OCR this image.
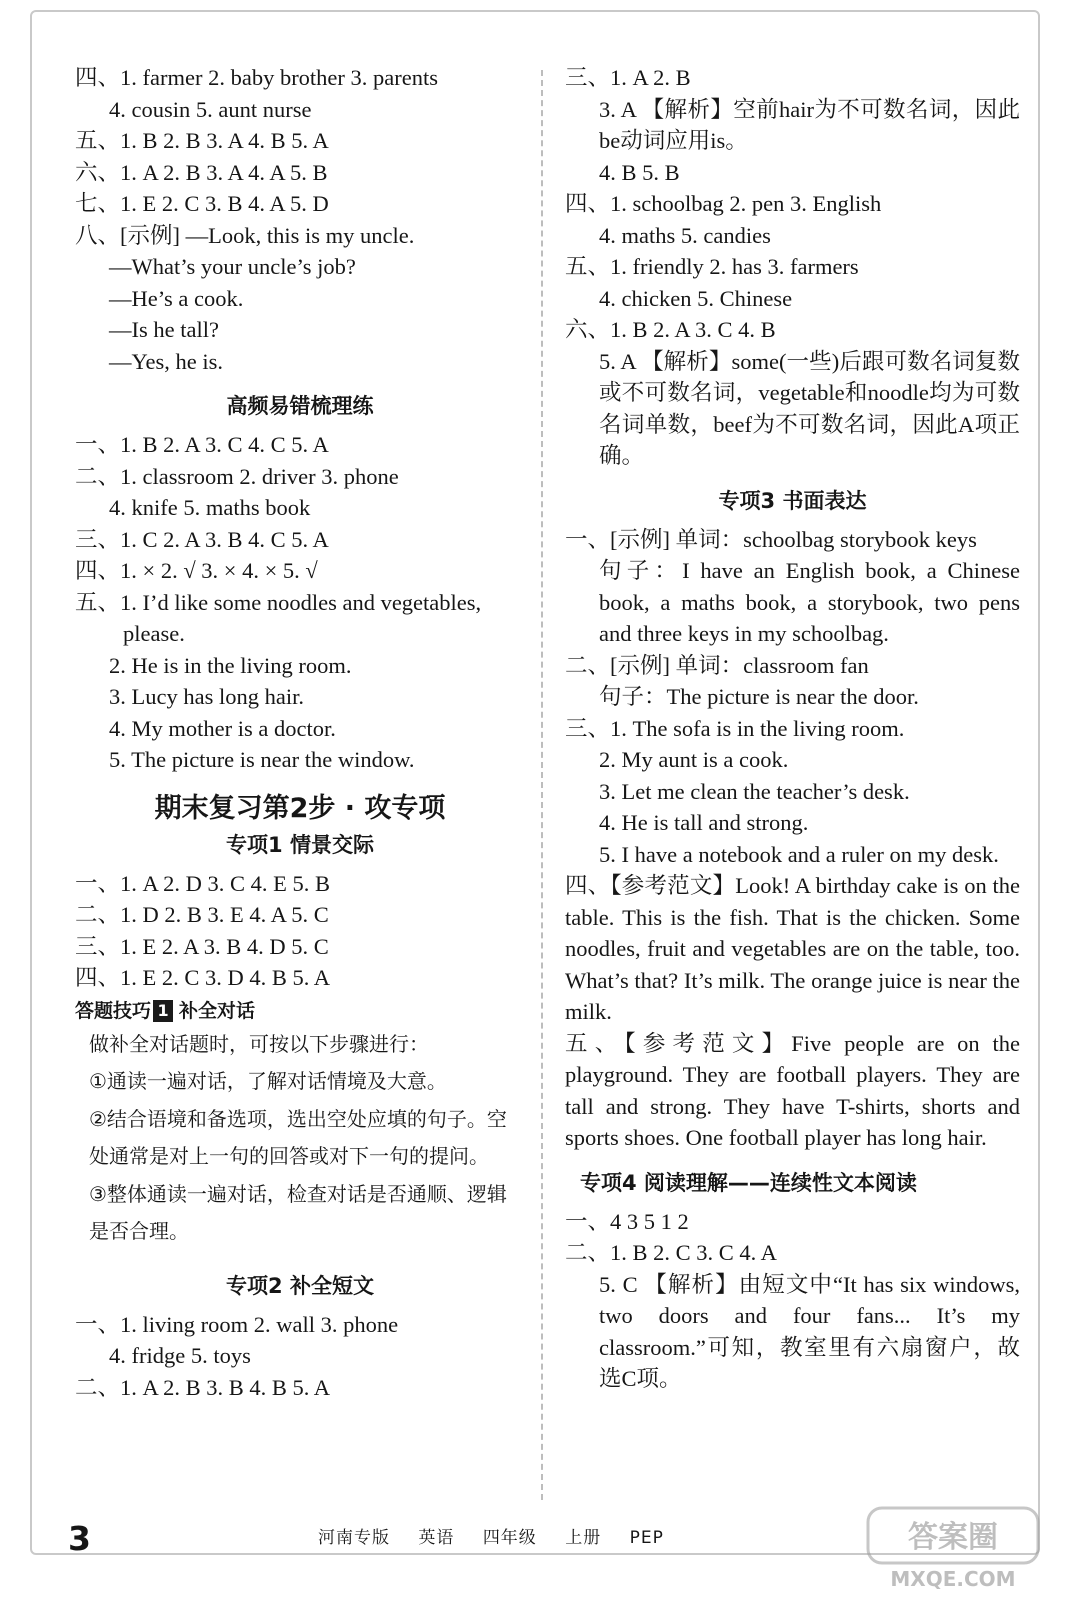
四、1. farmer 2. baby brother 3. parents
4. cousin 5. aunt nurse
五、1. B 2. B 3. A 4. B 5. A
六、1. A 2. B 3. A 4. A 5. B
七、1. E 2. C 3. B 4. A 5. D
八、[示例] —Look, this is my uncle.
—What’s your uncle’s job?
—He’s a cook.
—Is he tall?
—Yes, he is.
高频易错梳理练
一、1. B 2. A 3. C 4. C 5. A
二、1. classroom 2. driver 3. phone
4. knife 5. maths book
三、1. C 2. A 3. B 4. C 5. A
四、1. × 2. √ 3. × 4. × 5. √
五、1. I’d like some noodles and vegetables,
please.
2. He is in the living room.
3. Lucy has long hair.
4. My mother is a doctor.
5. The picture is near the window.
期末复习第2步 · 攻专项
专项1 情景交际
一、1. A 2. D 3. C 4. E 5. B
二、1. D 2. B 3. E 4. A 5. C
三、1. E 2. A 3. B 4. D 5. C
四、1. E 2. C 3. D 4. B 5. A
答题技巧 1 补全对话
做补全对话题时，可按以下步骤进行：
①通读一遍对话，了解对话情境及大意。
②结合语境和备选项，选出空处应填的句子。空处通常是对上一句的回答或对下一句的提问。
③整体通读一遍对话，检查对话是否通顺、逻辑是否合理。
专项2 补全短文
一、1. living room 2. wall 3. phone
4. fridge 5. toys
二、1. A 2. B 3. B 4. B 5. A
三、1. A 2. B
3. A 【解析】空前hair为不可数名词，因此be动词应用is。
4. B 5. B
四、1. schoolbag 2. pen 3. English
4. maths 5. candies
五、1. friendly 2. has 3. farmers
4. chicken 5. Chinese
六、1. B 2. A 3. C 4. B
5. A 【解析】some(一些)后跟可数名词复数或不可数名词，vegetable和noodle均为可数名词单数，beef为不可数名词，因此A项正确。
专项3 书面表达
一、[示例] 单词：schoolbag storybook keys
句子：I have an English book, a Chinese book, a maths book, a storybook, two pens and three keys in my schoolbag.
二、[示例] 单词：classroom fan
句子：The picture is near the door.
三、1. The sofa is in the living room.
2. My aunt is a cook.
3. Let me clean the teacher’s desk.
4. He is tall and strong.
5. I have a notebook and a ruler on my desk.
四、【参考范文】Look! A birthday cake is on the table. This is the fish. That is the chicken. Some noodles, fruit and vegetables are on the table, too. What’s that? It’s milk. The orange juice is near the milk.
五、【参考范文】Five people are on the playground. They are football players. They are tall and strong. They have T-shirts, shorts and sports shoes. One football player has long hair.
专项4 阅读理解——连续性文本阅读
一、4 3 5 1 2
二、1. B 2. C 3. C 4. A
5. C 【解析】由短文中“It has six windows, two doors and four fans... It’s my classroom.”可知，教室里有六扇窗户，故选C项。
3	河南专版 英语 四年级 上册 PEP	答案圈
MXQE.COM
